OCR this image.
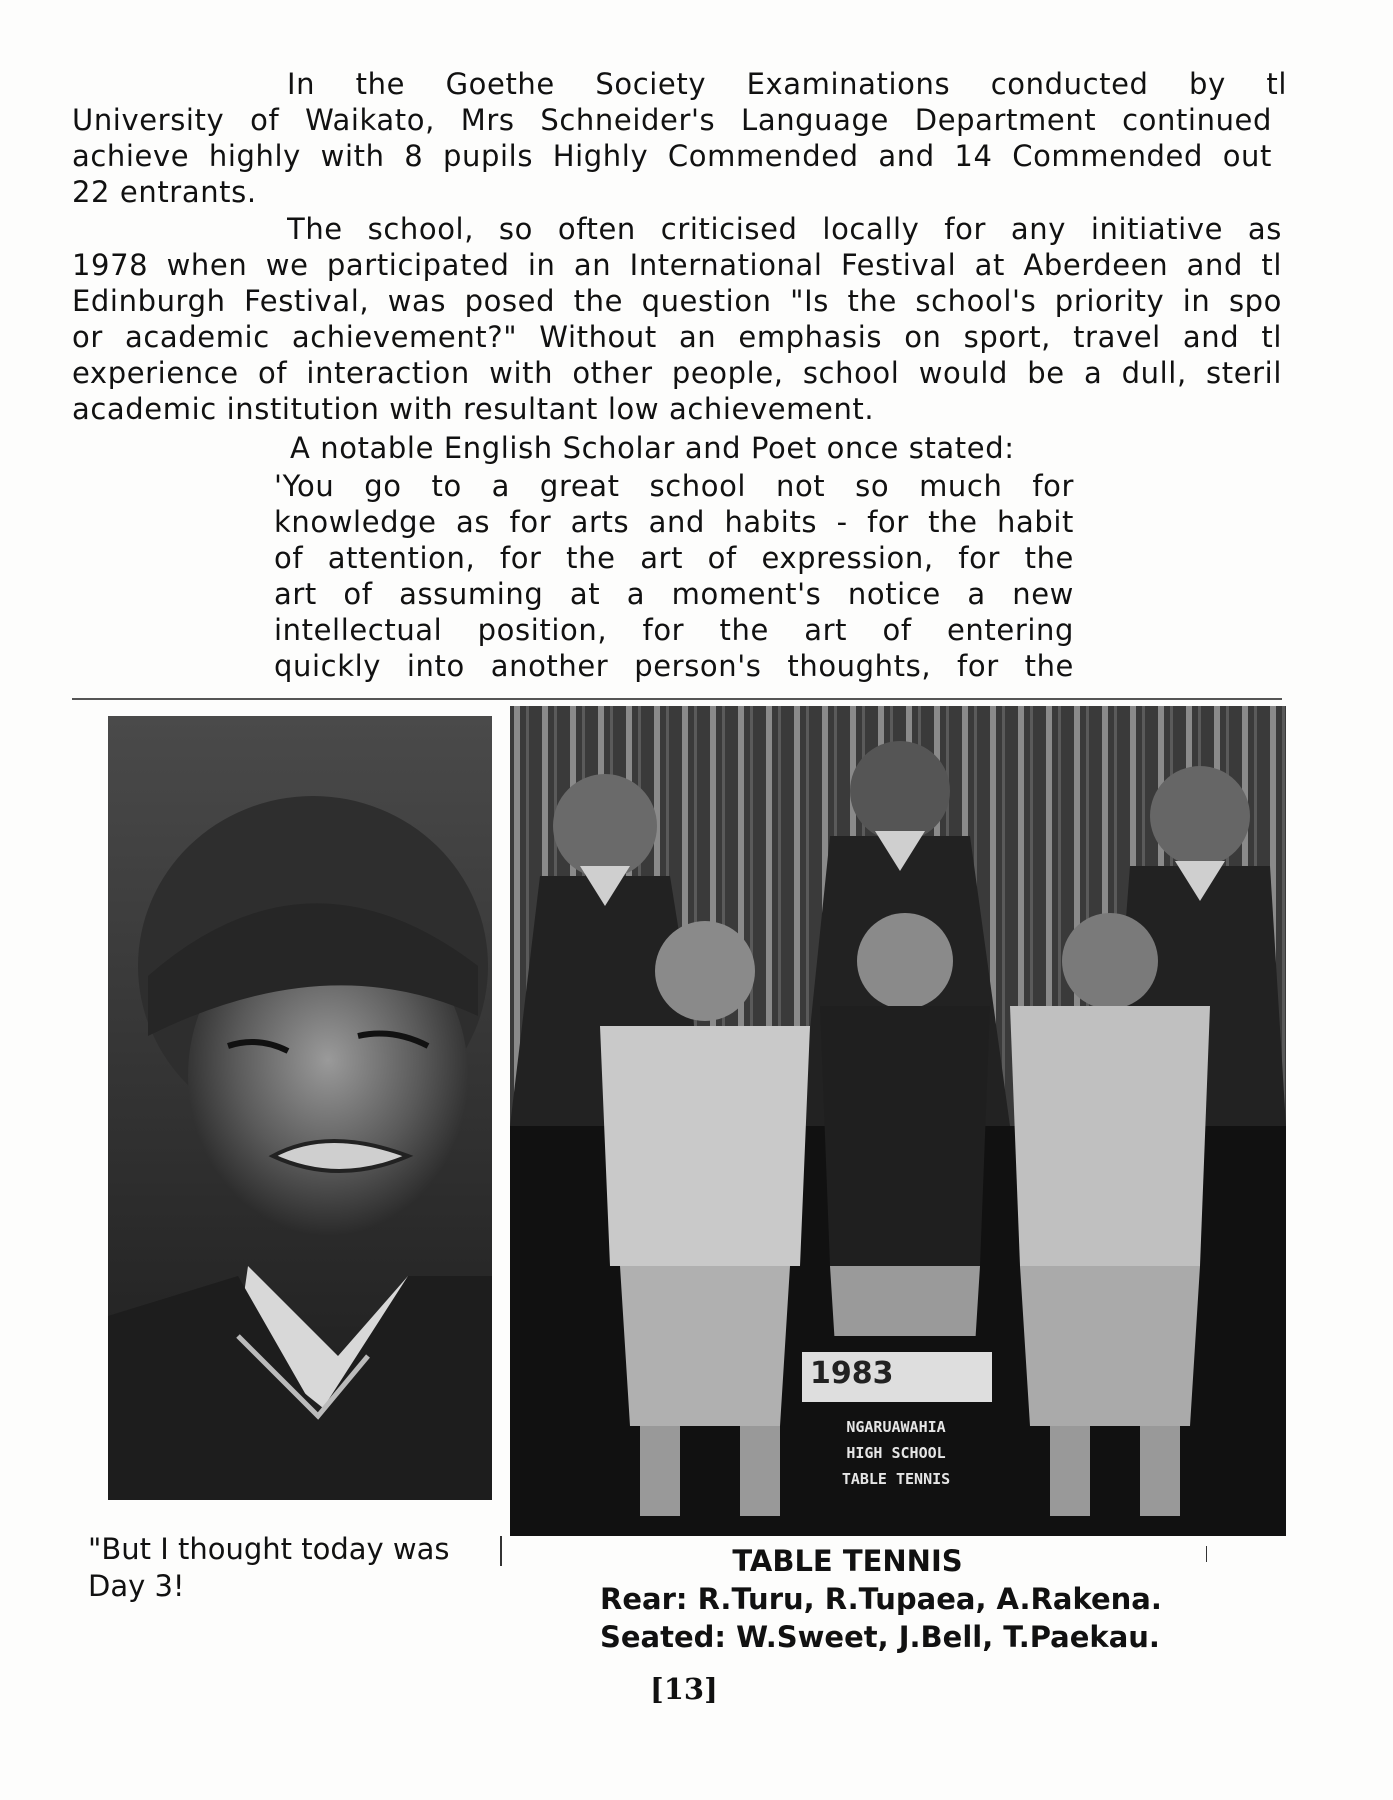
In the Goethe Society Examinations conducted by tl
University of Waikato, Mrs Schneider's Language Department continued
achieve highly with 8 pupils Highly Commended and 14 Commended out
22 entrants.
The school, so often criticised locally for any initiative as
1978 when we participated in an International Festival at Aberdeen and tl
Edinburgh Festival, was posed the question "Is the school's priority in spo
or academic achievement?" Without an emphasis on sport, travel and tl
experience of interaction with other people, school would be a dull, steril
academic institution with resultant low achievement.
A notable English Scholar and Poet once stated:
'You go to a great school not so much for
knowledge as for arts and habits - for the habit
of attention, for the art of expression, for the
art of assuming at a moment's notice a new
intellectual position, for the art of entering
quickly into another person's thoughts, for the
1983
NGARUAWAHIA
HIGH SCHOOL
TABLE TENNIS
"But I thought today was
Day 3!
TABLE TENNIS
Rear: R.Turu, R.Tupaea, A.Rakena.
Seated: W.Sweet, J.Bell, T.Paekau.
[13]
